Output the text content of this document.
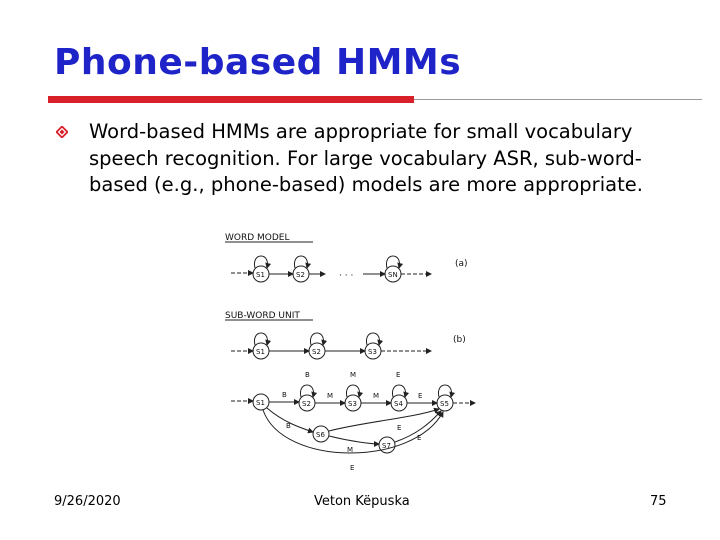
Phone-based HMMs
Word-based HMMs are appropriate for small vocabulary speech recognition. For large vocabulary ASR, sub-word-based (e.g., phone-based) models are more appropriate.
WORD MODEL
(a)
· · ·
SUB-WORD UNIT
(b)
S1	S2	SN
S1	S2	S3
S1	S2	S3	S4	S5
S6
S7
B	M	E
B	M	M	E
B	E
E
M
E
9/26/2020	Veton Këpuska	75
